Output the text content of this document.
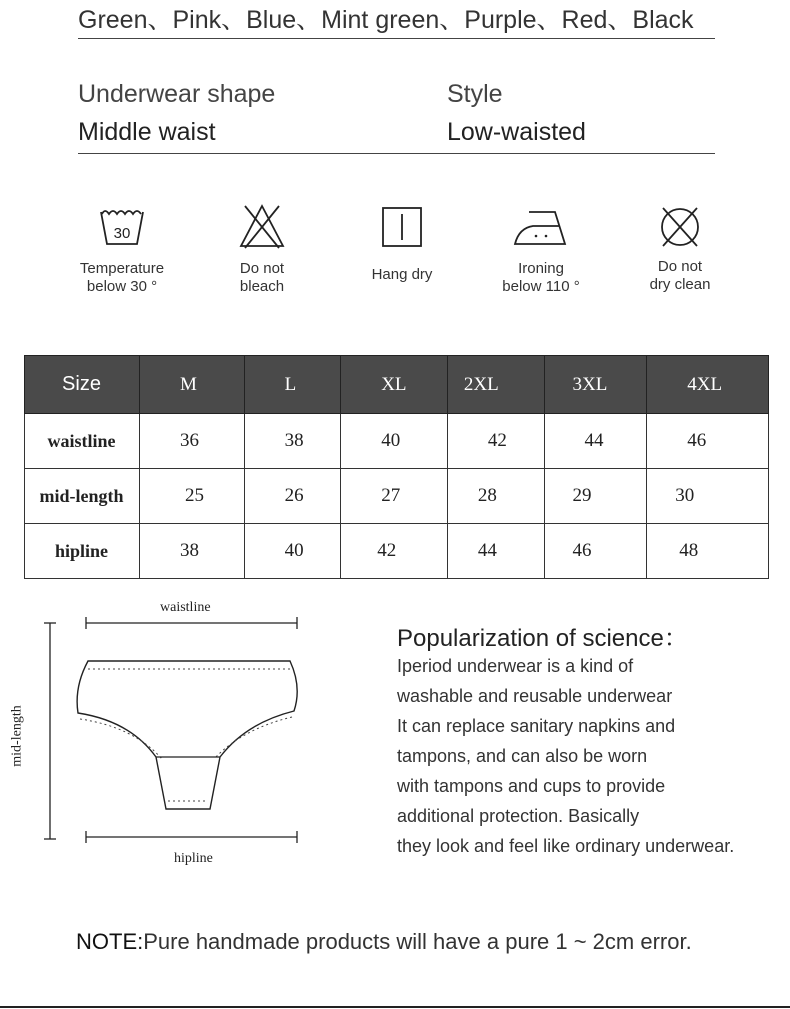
Green、Pink、Blue、Mint green、Purple、Red、Black
Underwear shape
Middle waist
Style
Low-waisted
30
Temperature
below 30 °
Do not
bleach
Hang dry	Ironing
below 110 °
Do not
dry clean
Size	M	L	XL	2XL	3XL	4XL
waistline	36	38	40	42	44	46
mid-length	25	26	27	28	29	30
hipline	38	40	42	44	46	48
waistline
hipline
mid-length
Popularization of science：
Iperiod underwear is a kind of
washable and reusable underwear
It can replace sanitary napkins and
tampons, and can also be worn
with tampons and cups to provide
additional protection. Basically
they look and feel like ordinary underwear.
NOTE:Pure handmade products will have a pure 1 ~ 2cm error.
